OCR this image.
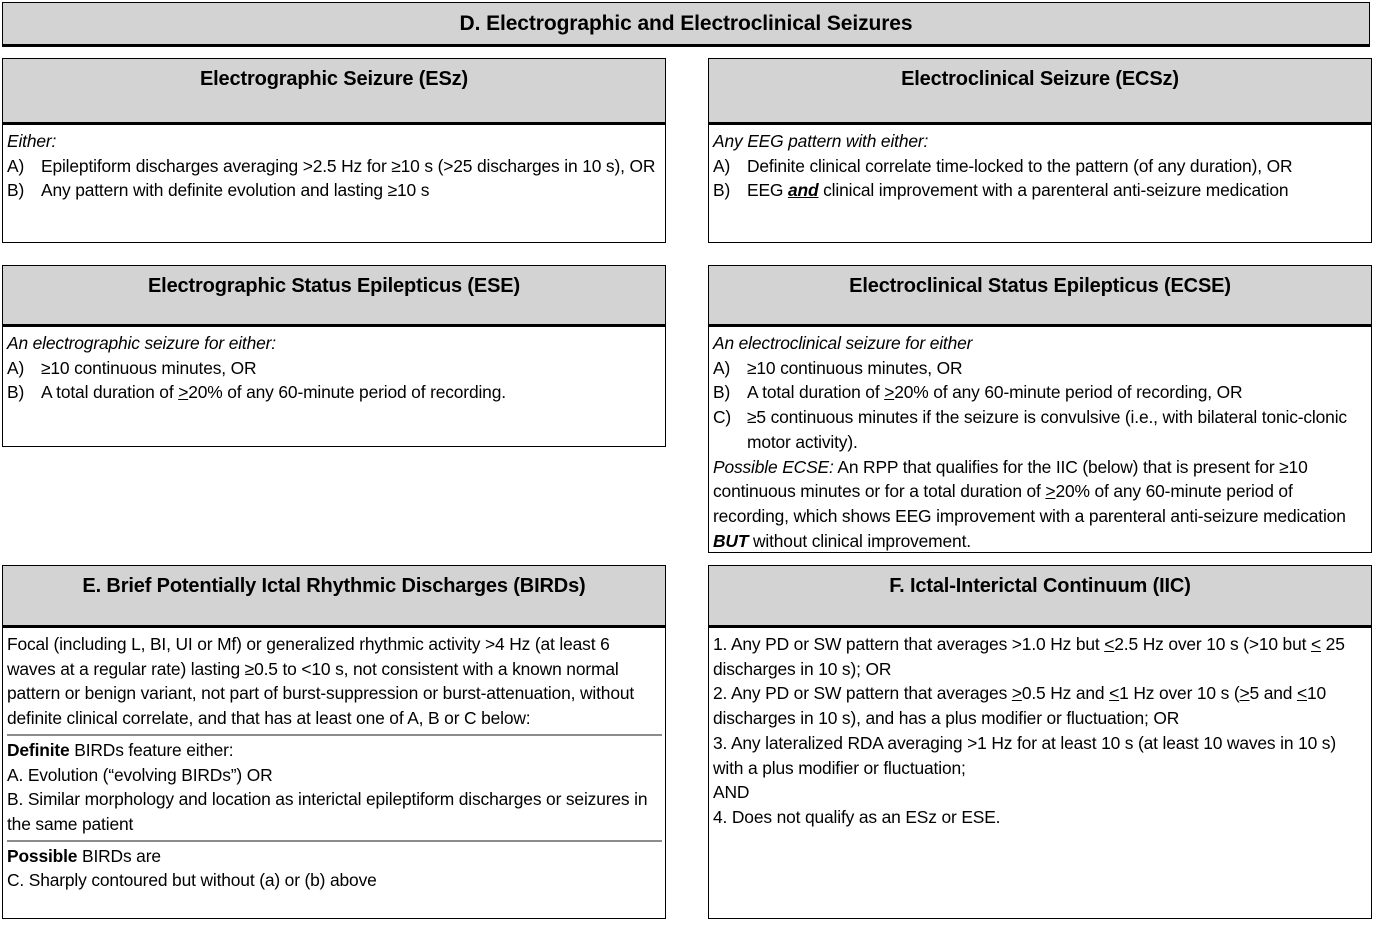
D. Electrographic and Electroclinical Seizures
Electrographic Seizure (ESz)
Either:
A) Epileptiform discharges averaging >2.5 Hz for ≥10 s (>25 discharges in 10 s), OR
B) Any pattern with definite evolution and lasting ≥10 s
Electroclinical Seizure (ECSz)
Any EEG pattern with either:
A) Definite clinical correlate time-locked to the pattern (of any duration), OR
B) EEG and clinical improvement with a parenteral anti-seizure medication
Electrographic Status Epilepticus (ESE)
An electrographic seizure for either:
A) ≥10 continuous minutes, OR
B) A total duration of >20% of any 60-minute period of recording.
Electroclinical Status Epilepticus (ECSE)
An electroclinical seizure for either
A) ≥10 continuous minutes, OR
B) A total duration of >20% of any 60-minute period of recording, OR
C) ≥5 continuous minutes if the seizure is convulsive (i.e., with bilateral tonic-clonic motor activity).
Possible ECSE: An RPP that qualifies for the IIC (below) that is present for ≥10 continuous minutes or for a total duration of >20% of any 60-minute period of recording, which shows EEG improvement with a parenteral anti-seizure medication BUT without clinical improvement.
E. Brief Potentially Ictal Rhythmic Discharges (BIRDs)
Focal (including L, BI, UI or Mf) or generalized rhythmic activity >4 Hz (at least 6 waves at a regular rate) lasting ≥0.5 to <10 s, not consistent with a known normal pattern or benign variant, not part of burst-suppression or burst-attenuation, without definite clinical correlate, and that has at least one of A, B or C below:
Definite BIRDs feature either:
A. Evolution (“evolving BIRDs”) OR
B. Similar morphology and location as interictal epileptiform discharges or seizures in the same patient
Possible BIRDs are
C. Sharply contoured but without (a) or (b) above
F. Ictal-Interictal Continuum (IIC)
1. Any PD or SW pattern that averages >1.0 Hz but <2.5 Hz over 10 s (>10 but < 25 discharges in 10 s); OR
2. Any PD or SW pattern that averages >0.5 Hz and <1 Hz over 10 s (>5 and <10 discharges in 10 s), and has a plus modifier or fluctuation; OR
3. Any lateralized RDA averaging >1 Hz for at least 10 s (at least 10 waves in 10 s) with a plus modifier or fluctuation;
AND
4. Does not qualify as an ESz or ESE.
